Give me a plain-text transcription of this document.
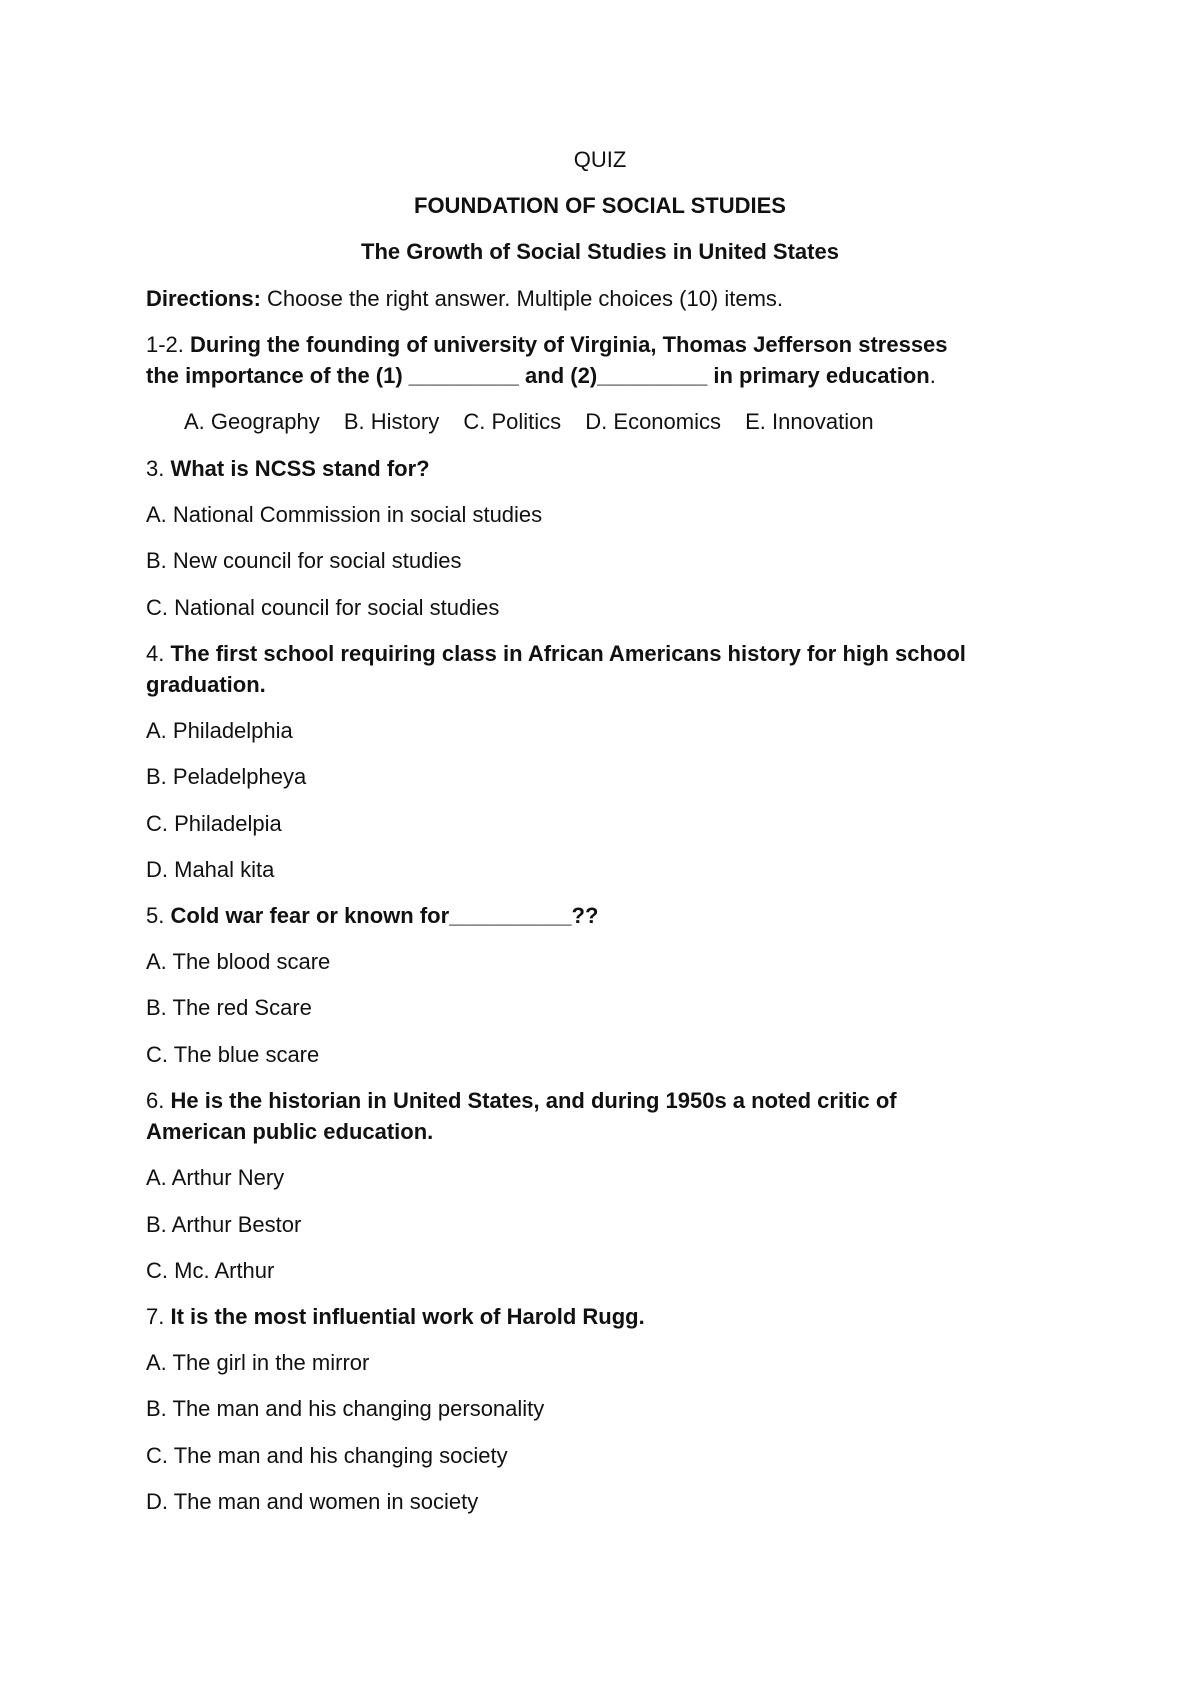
QUIZ
FOUNDATION OF SOCIAL STUDIES
The Growth of Social Studies in United States
Directions: Choose the right answer. Multiple choices (10) items.
1-2. During the founding of university of Virginia, Thomas Jefferson stresses
the importance of the (1) _________ and (2)_________ in primary education.
A. Geography B. History C. Politics D. Economics E. Innovation
3. What is NCSS stand for?
A. National Commission in social studies
B. New council for social studies
C. National council for social studies
4. The first school requiring class in African Americans history for high school
graduation.
A. Philadelphia
B. Peladelpheya
C. Philadelpia
D. Mahal kita
5. Cold war fear or known for__________??
A. The blood scare
B. The red Scare
C. The blue scare
6. He is the historian in United States, and during 1950s a noted critic of
American public education.
A. Arthur Nery
B. Arthur Bestor
C. Mc. Arthur
7. It is the most influential work of Harold Rugg.
A. The girl in the mirror
B. The man and his changing personality
C. The man and his changing society
D. The man and women in society
